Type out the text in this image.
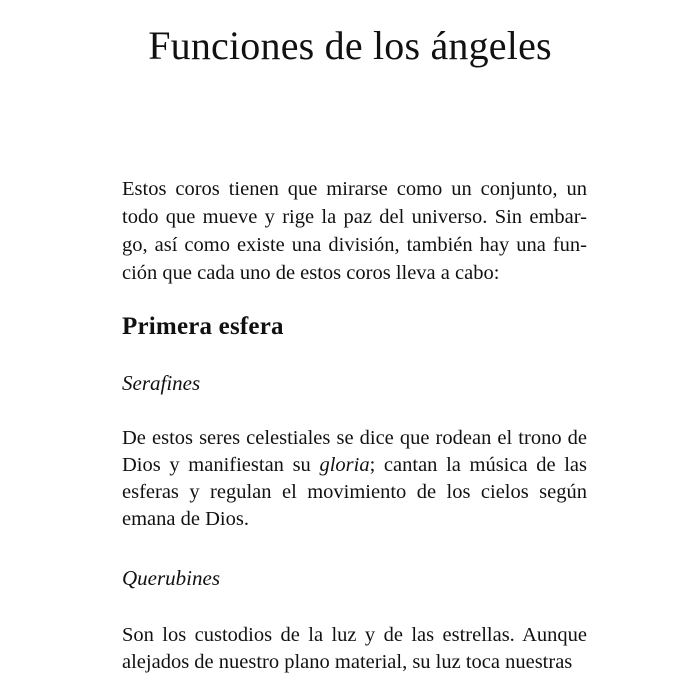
Funciones de los ángeles

Estos coros tienen que mirarse como un conjunto, un todo que mueve y rige la paz del universo. Sin embar- go, así como existe una división, también hay una fun- ción que cada uno de estos coros lleva a cabo:

Primera esfera
Serafines

De estos seres celestiales se dice que rodean el trono de Dios y manifiestan su gloria; cantan la música de las esferas y regulan el movimiento de los cielos según emana de Dios.

Querubines

Son los custodios de la luz y de las estrellas. Aunque alejados de nuestro plano material, su luz toca nuestras
